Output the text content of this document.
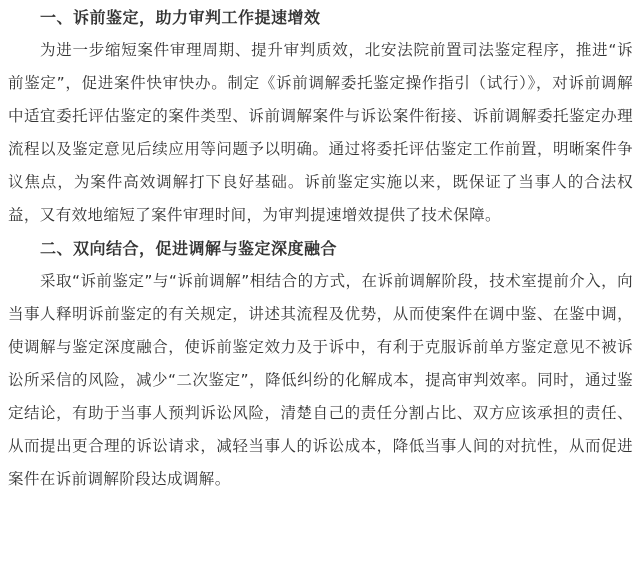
一、诉前鉴定，助力审判工作提速增效

为进一步缩短案件审理周期、提升审判质效，北安法院前置司法鉴定程序，推进“诉前鉴定”，促进案件快审快办。制定《诉前调解委托鉴定操作指引（试行）》，对诉前调解中适宜委托评估鉴定的案件类型、诉前调解案件与诉讼案件衔接、诉前调解委托鉴定办理流程以及鉴定意见后续应用等问题予以明确。通过将委托评估鉴定工作前置，明晰案件争议焦点，为案件高效调解打下良好基础。诉前鉴定实施以来，既保证了当事人的合法权益，又有效地缩短了案件审理时间，为审判提速增效提供了技术保障。

二、双向结合，促进调解与鉴定深度融合

采取“诉前鉴定”与“诉前调解”相结合的方式，在诉前调解阶段，技术室提前介入，向当事人释明诉前鉴定的有关规定，讲述其流程及优势，从而使案件在调中鉴、在鉴中调，使调解与鉴定深度融合，使诉前鉴定效力及于诉中，有利于克服诉前单方鉴定意见不被诉讼所采信的风险，减少“二次鉴定”，降低纠纷的化解成本，提高审判效率。同时，通过鉴定结论，有助于当事人预判诉讼风险，清楚自己的责任分割占比、双方应该承担的责任、从而提出更合理的诉讼请求，减轻当事人的诉讼成本，降低当事人间的对抗性，从而促进案件在诉前调解阶段达成调解。
